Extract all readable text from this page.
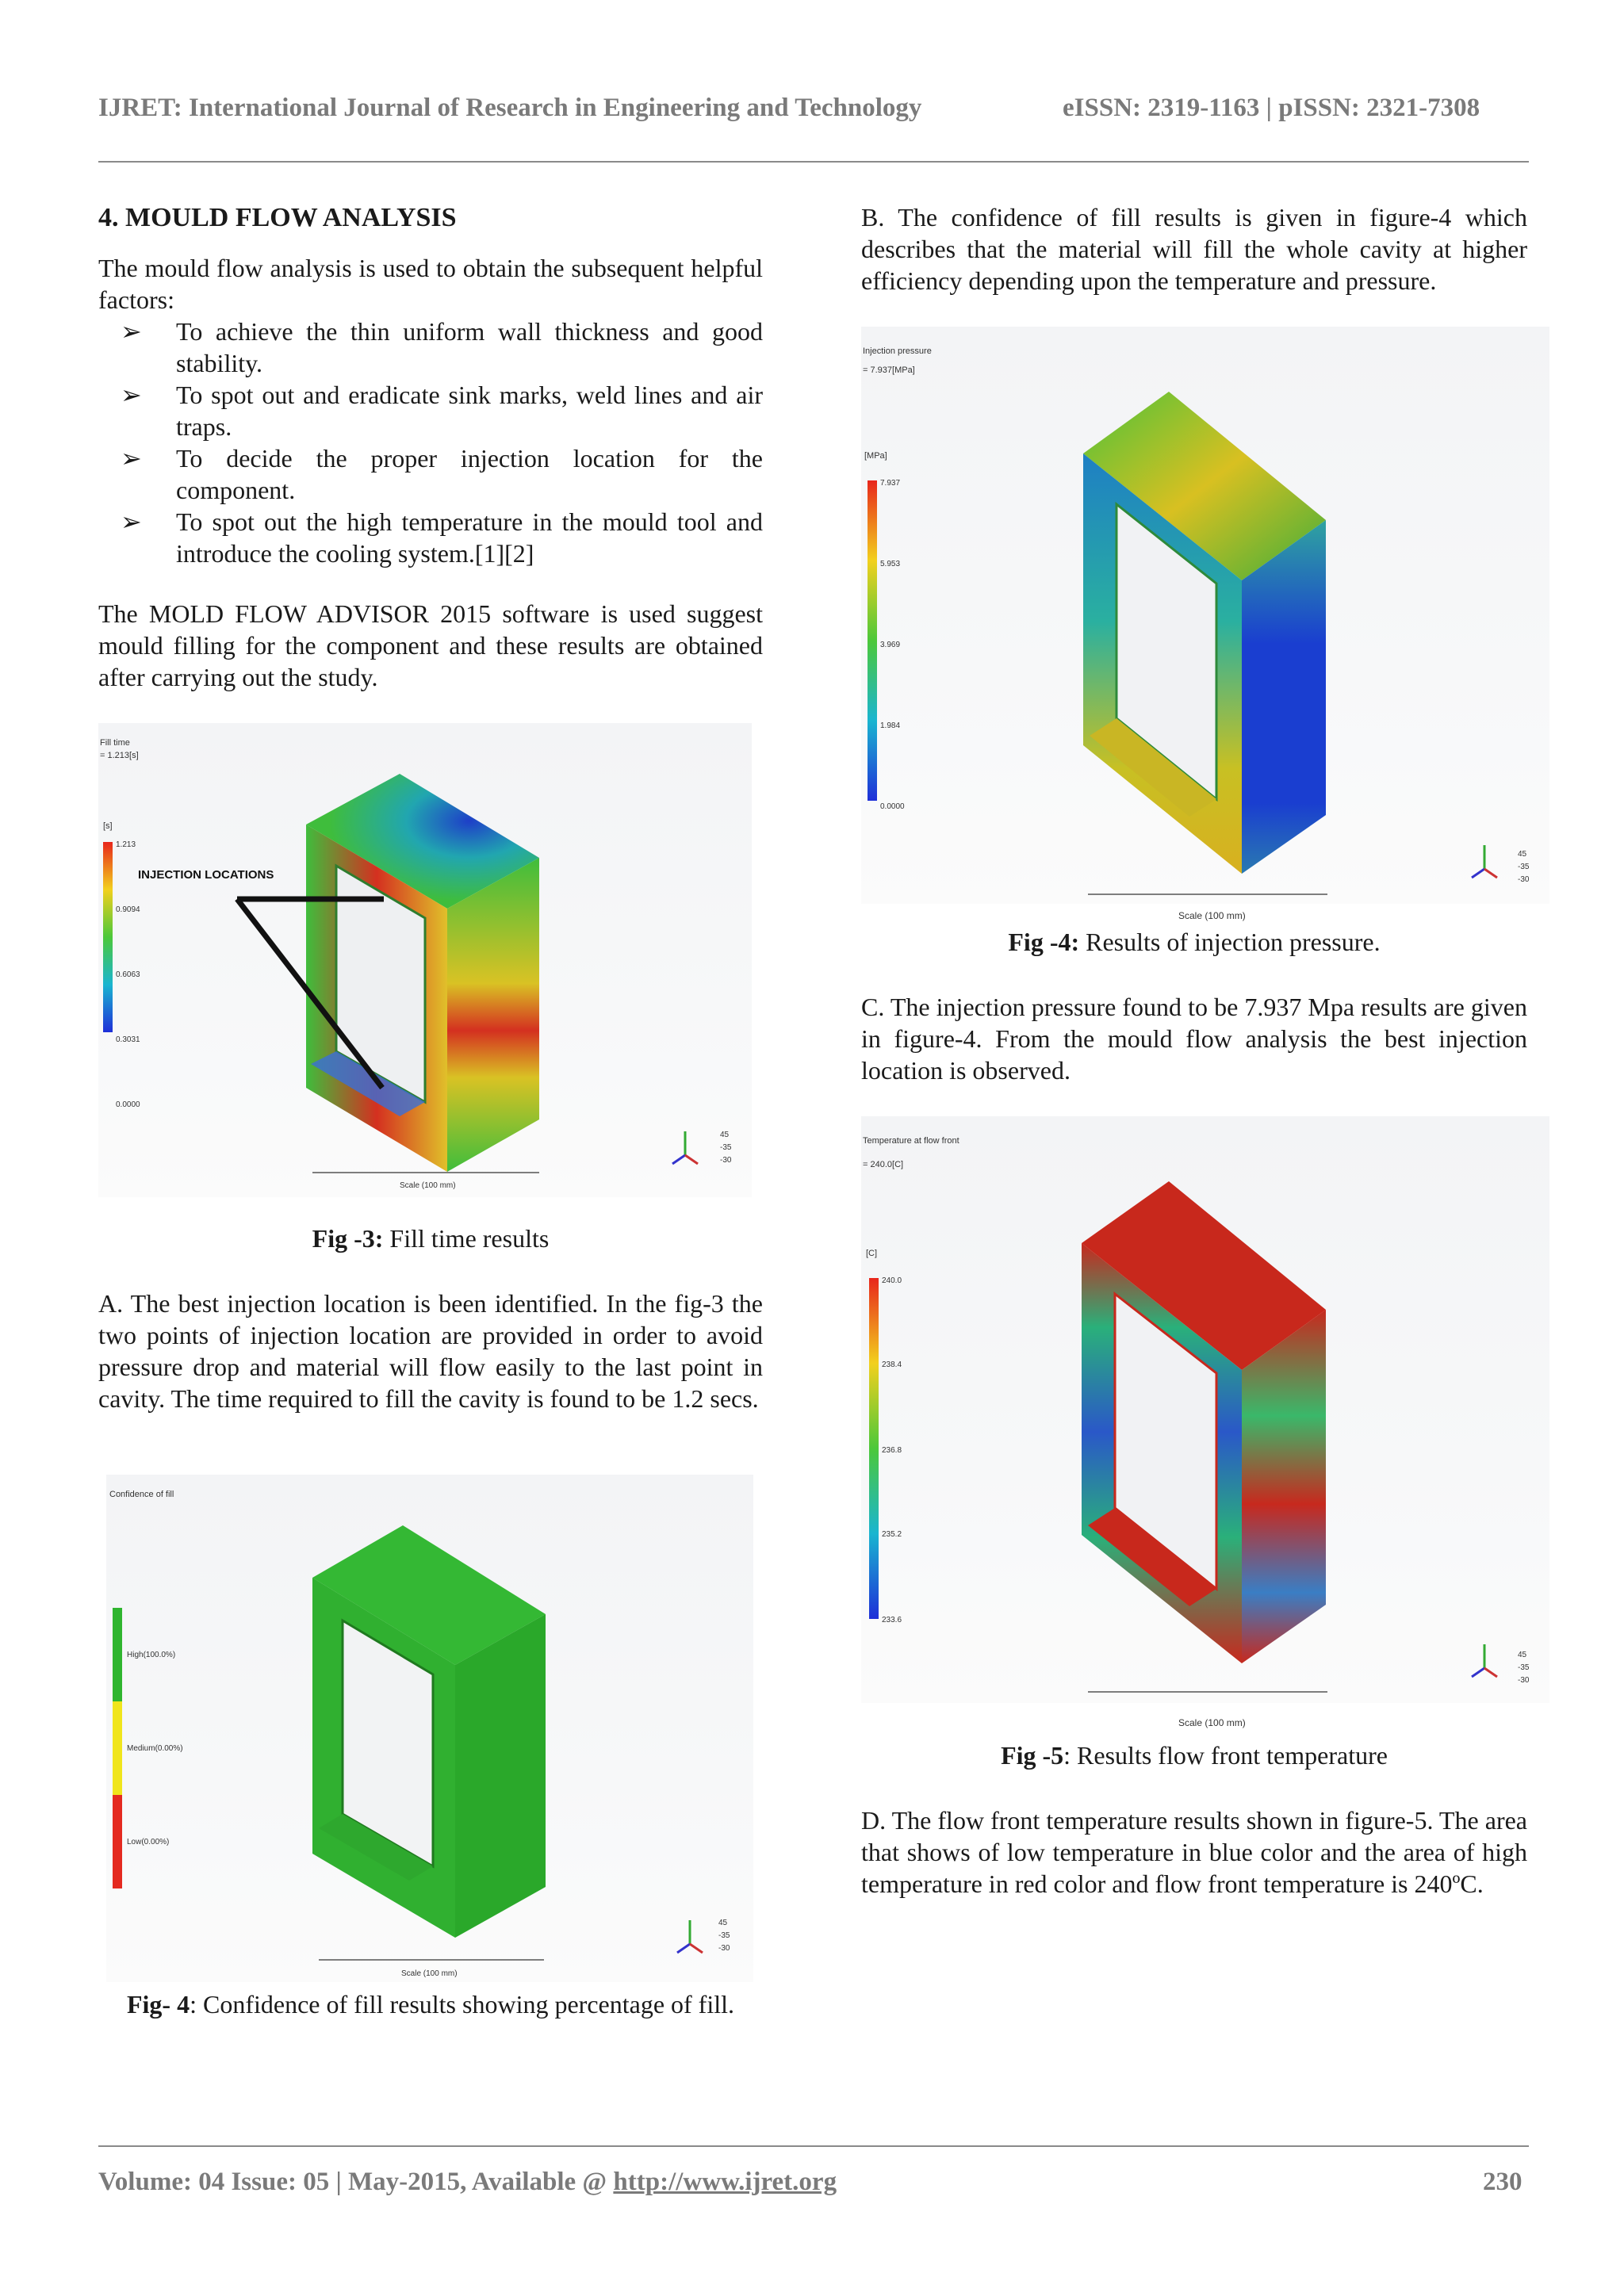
IJRET: International Journal of Research in Engineering and Technology	eISSN: 2319-1163 | pISSN: 2321-7308
4. MOULD FLOW ANALYSIS
The mould flow analysis is used to obtain the subsequent helpful factors:
➢	To achieve the thin uniform wall thickness and good stability.
➢	To spot out and eradicate sink marks, weld lines and air traps.
➢	To decide the proper injection location for the component.
➢	To spot out the high temperature in the mould tool and introduce the cooling system.[1][2]
The MOLD FLOW ADVISOR 2015 software is used suggest mould filling for the component and these results are obtained after carrying out the study.
Fill time
= 1.213[s]
[s]
1.213
0.9094
0.6063
0.3031
0.0000
INJECTION LOCATIONS
Scale (100 mm)
45
-35
-30
Fig -3: Fill time results
A. The best injection location is been identified. In the fig-3 the two points of injection location are provided in order to avoid pressure drop and material will flow easily to the last point in cavity. The time required to fill the cavity is found to be 1.2 secs.
Confidence of fill
High(100.0%)
Medium(0.00%)
Low(0.00%)
Scale (100 mm)
45
-35
-30
Fig- 4: Confidence of fill results showing percentage of fill.
B. The confidence of fill results is given in figure-4 which describes that the material will fill the whole cavity at higher efficiency depending upon the temperature and pressure.
Injection pressure
= 7.937[MPa]
[MPa]
7.937
5.953
3.969
1.984
0.0000
45
-35
-30
Scale (100 mm)
Fig -4: Results of injection pressure.
C. The injection pressure found to be 7.937 Mpa results are given in figure-4. From the mould flow analysis the best injection location is observed.
Temperature at flow front
= 240.0[C]
[C]
240.0
238.4
236.8
235.2
233.6
45
-35
-30
Scale (100 mm)
Fig -5: Results flow front temperature
D. The flow front temperature results shown in figure-5. The area that shows of low temperature in blue color and the area of high temperature in red color and flow front temperature is 240ºC.
Volume: 04 Issue: 05 | May-2015, Available @ http://www.ijret.org	230
